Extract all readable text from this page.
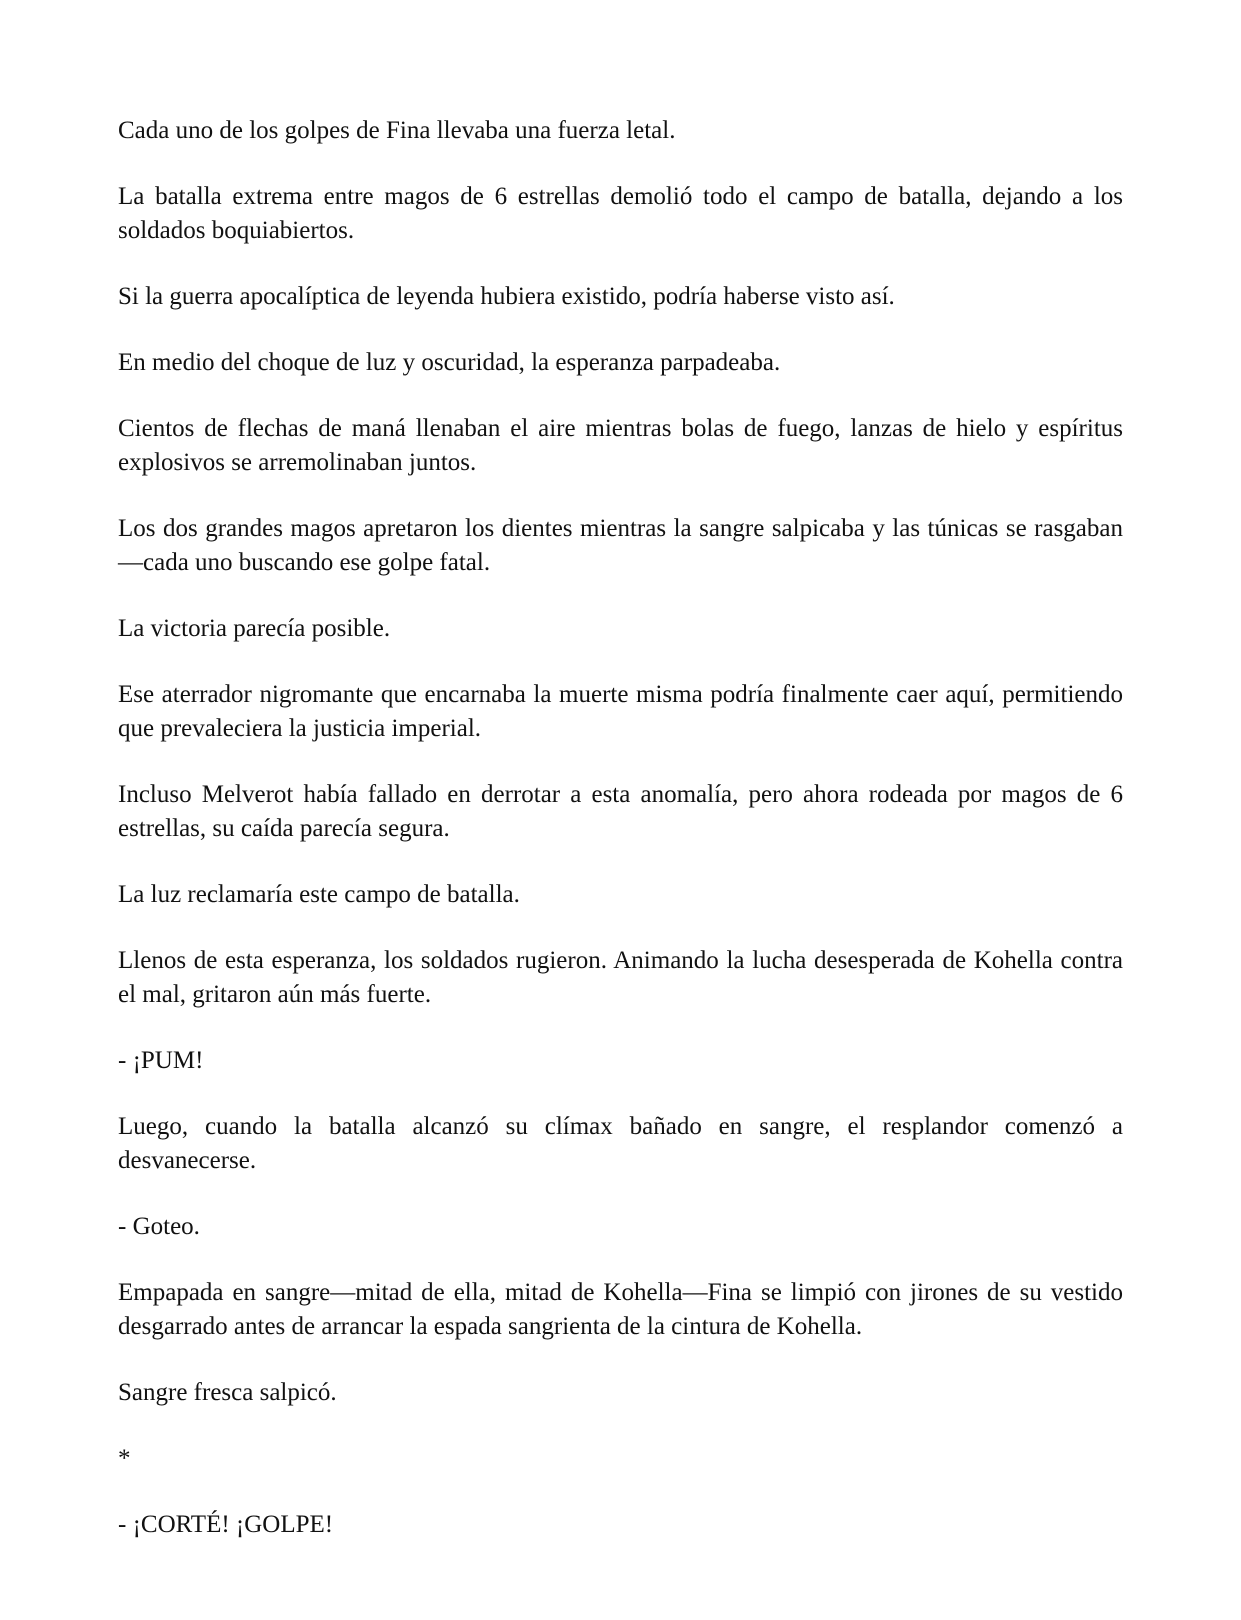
Cada uno de los golpes de Fina llevaba una fuerza letal.

La batalla extrema entre magos de 6 estrellas demolió todo el campo de batalla, dejando a los soldados boquiabiertos.

Si la guerra apocalíptica de leyenda hubiera existido, podría haberse visto así.

En medio del choque de luz y oscuridad, la esperanza parpadeaba.

Cientos de flechas de maná llenaban el aire mientras bolas de fuego, lanzas de hielo y espíritus explosivos se arremolinaban juntos.

Los dos grandes magos apretaron los dientes mientras la sangre salpicaba y las túnicas se rasgaban—cada uno buscando ese golpe fatal.

La victoria parecía posible.

Ese aterrador nigromante que encarnaba la muerte misma podría finalmente caer aquí, permitiendo que prevaleciera la justicia imperial.

Incluso Melverot había fallado en derrotar a esta anomalía, pero ahora rodeada por magos de 6 estrellas, su caída parecía segura.

La luz reclamaría este campo de batalla.

Llenos de esta esperanza, los soldados rugieron. Animando la lucha desesperada de Kohella contra el mal, gritaron aún más fuerte.

- ¡PUM!

Luego, cuando la batalla alcanzó su clímax bañado en sangre, el resplandor comenzó a desvanecerse.

- Goteo.

Empapada en sangre—mitad de ella, mitad de Kohella—Fina se limpió con jirones de su vestido desgarrado antes de arrancar la espada sangrienta de la cintura de Kohella.

Sangre fresca salpicó.

*

- ¡CORTÉ! ¡GOLPE!
